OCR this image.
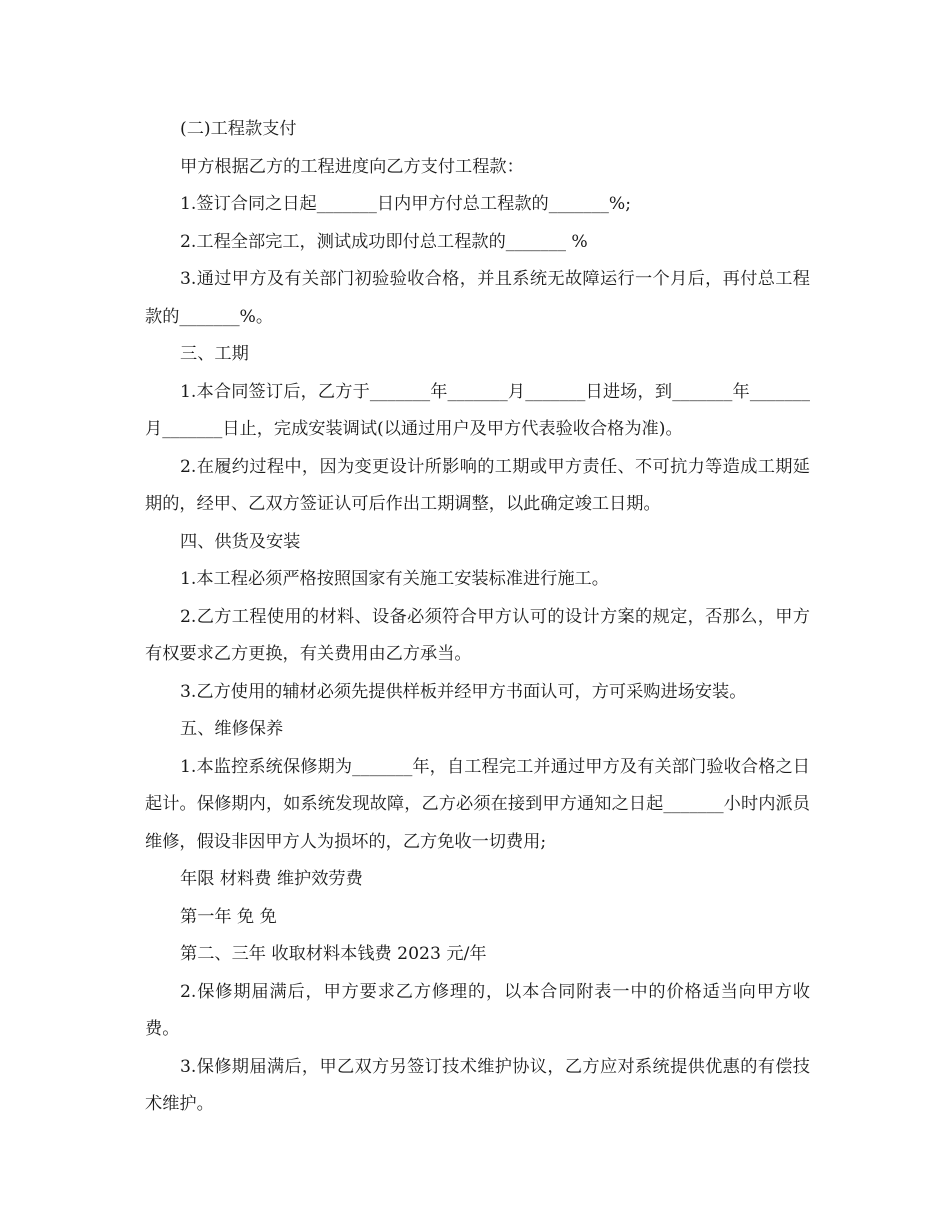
(二)工程款支付

甲方根据乙方的工程进度向乙方支付工程款：

1.签订合同之日起_______日内甲方付总工程款的_______%;

2.工程全部完工，测试成功即付总工程款的_______ %

3.通过甲方及有关部门初验验收合格，并且系统无故障运行一个月后，再付总工程款的_______%。

三、工期

1.本合同签订后，乙方于_______年_______月_______日进场，到_______年_______月_______日止，完成安装调试(以通过用户及甲方代表验收合格为准)。

2.在履约过程中，因为变更设计所影响的工期或甲方责任、不可抗力等造成工期延期的，经甲、乙双方签证认可后作出工期调整，以此确定竣工日期。

四、供货及安装

1.本工程必须严格按照国家有关施工安装标准进行施工。

2.乙方工程使用的材料、设备必须符合甲方认可的设计方案的规定，否那么，甲方有权要求乙方更换，有关费用由乙方承当。

3.乙方使用的辅材必须先提供样板并经甲方书面认可，方可采购进场安装。

五、维修保养

1.本监控系统保修期为_______年，自工程完工并通过甲方及有关部门验收合格之日起计。保修期内，如系统发现故障，乙方必须在接到甲方通知之日起_______小时内派员维修，假设非因甲方人为损坏的，乙方免收一切费用;

年限 材料费 维护效劳费

第一年 免 免

第二、三年 收取材料本钱费 2023 元/年

2.保修期届满后，甲方要求乙方修理的，以本合同附表一中的价格适当向甲方收费。

3.保修期届满后，甲乙双方另签订技术维护协议，乙方应对系统提供优惠的有偿技术维护。
